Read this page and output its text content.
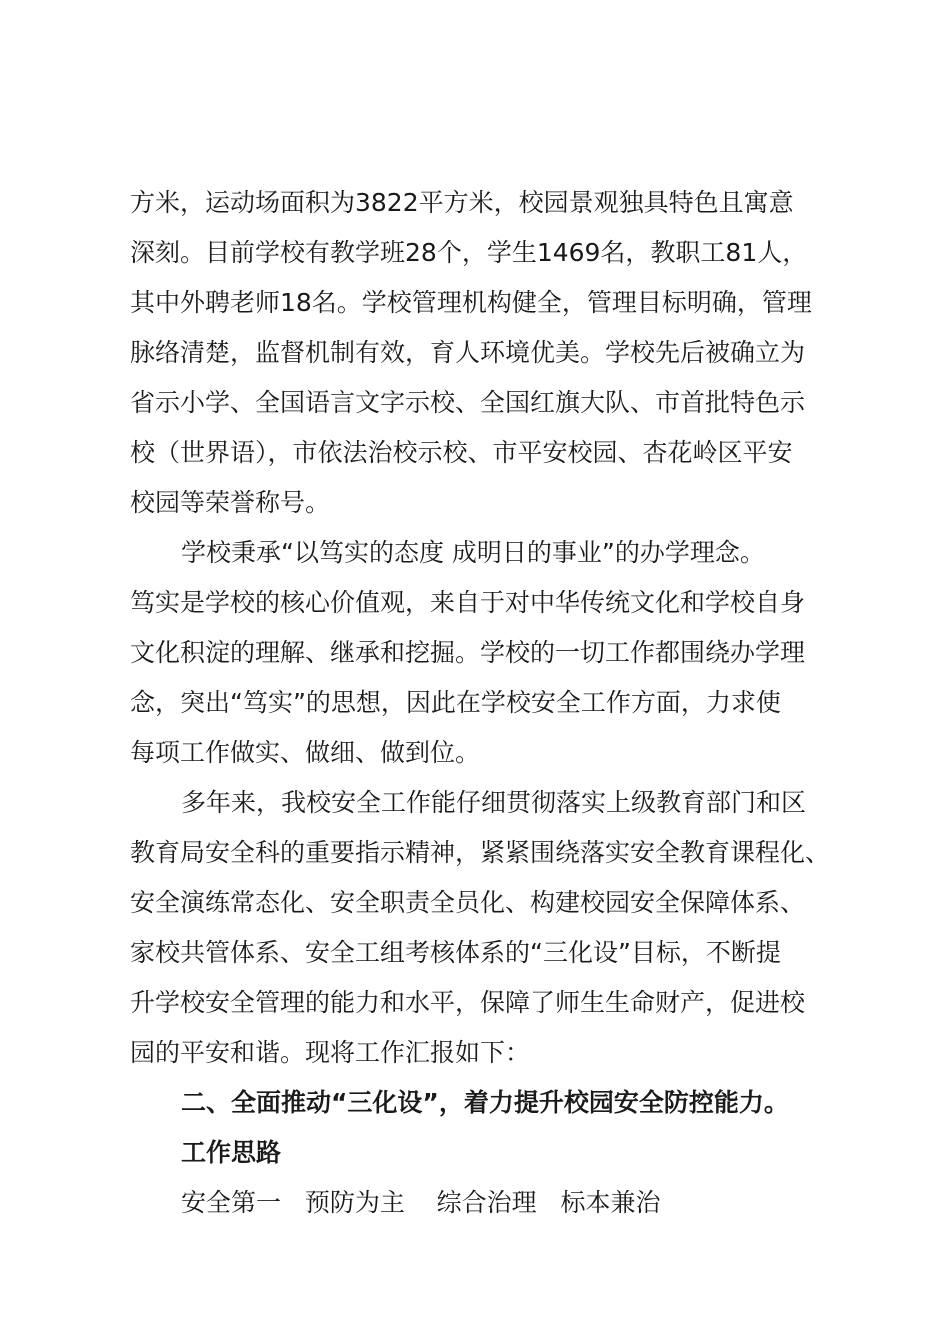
方米，运动场面积为3822平方米，校园景观独具特色且寓意
深刻。目前学校有教学班28个，学生1469名，教职工81人，
其中外聘老师18名。学校管理机构健全，管理目标明确，管理
脉络清楚，监督机制有效，育人环境优美。学校先后被确立为
省示小学、全国语言文字示校、全国红旗大队、市首批特色示
校（世界语），市依法治校示校、市平安校园、杏花岭区平安
校园等荣誉称号。
学校秉承“以笃实的态度 成明日的事业”的办学理念。
笃实是学校的核心价值观，来自于对中华传统文化和学校自身
文化积淀的理解、继承和挖掘。学校的一切工作都围绕办学理
念，突出“笃实”的思想，因此在学校安全工作方面，力求使
每项工作做实、做细、做到位。
多年来，我校安全工作能仔细贯彻落实上级教育部门和区
教育局安全科的重要指示精神，紧紧围绕落实安全教育课程化、
安全演练常态化、安全职责全员化、构建校园安全保障体系、
家校共管体系、安全工组考核体系的“三化设”目标，不断提
升学校安全管理的能力和水平，保障了师生生命财产，促进校
园的平安和谐。现将工作汇报如下：
二、全面推动“三化设”，着力提升校园安全防控能力。
工作思路
安全第一   预防为主    综合治理   标本兼治
